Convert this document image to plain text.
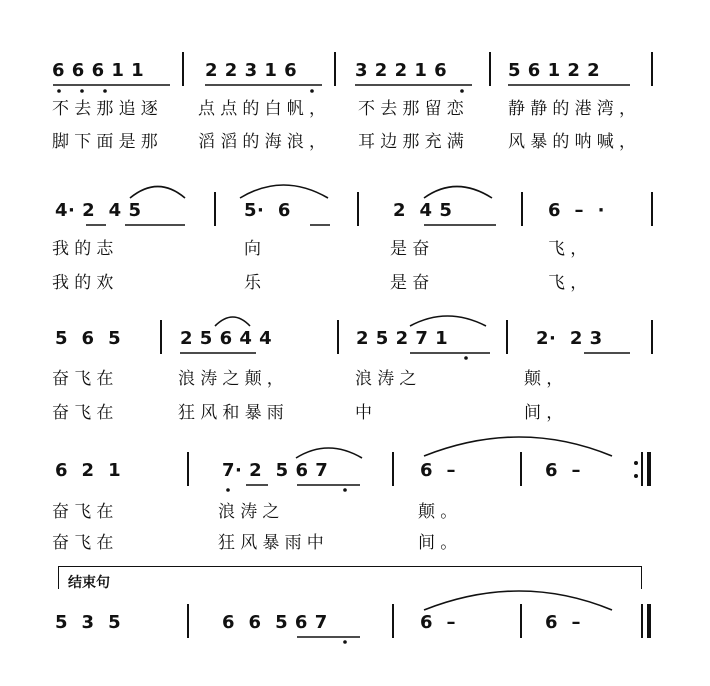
6 6 6 1 1	2 2 3 1 6	3 2 2 1 6	5 6 1 2 2
不去那追逐 点点的白帆， 不去那留恋 静静的港湾，
脚下面是那 滔滔的海浪， 耳边那充满 风暴的呐喊，
4· 2  4 5	5·  6	2  4 5	6  –  ·
我的志	向	是奋	飞，
我的欢	乐	是奋	飞，
5  6  5	2 5 6 4 4	2 5 2 7 1	2·  2 3
奋飞在	浪涛之颠，	浪涛之	颠，
奋飞在	狂风和暴雨	中	间，
6  2  1	7· 2  5 6 7	6  –	6  –
奋飞在	浪涛之	颠。
奋飞在	狂风暴雨中	间。
结束句
5  3  5	6  6  5 6 7	6  –	6  –
